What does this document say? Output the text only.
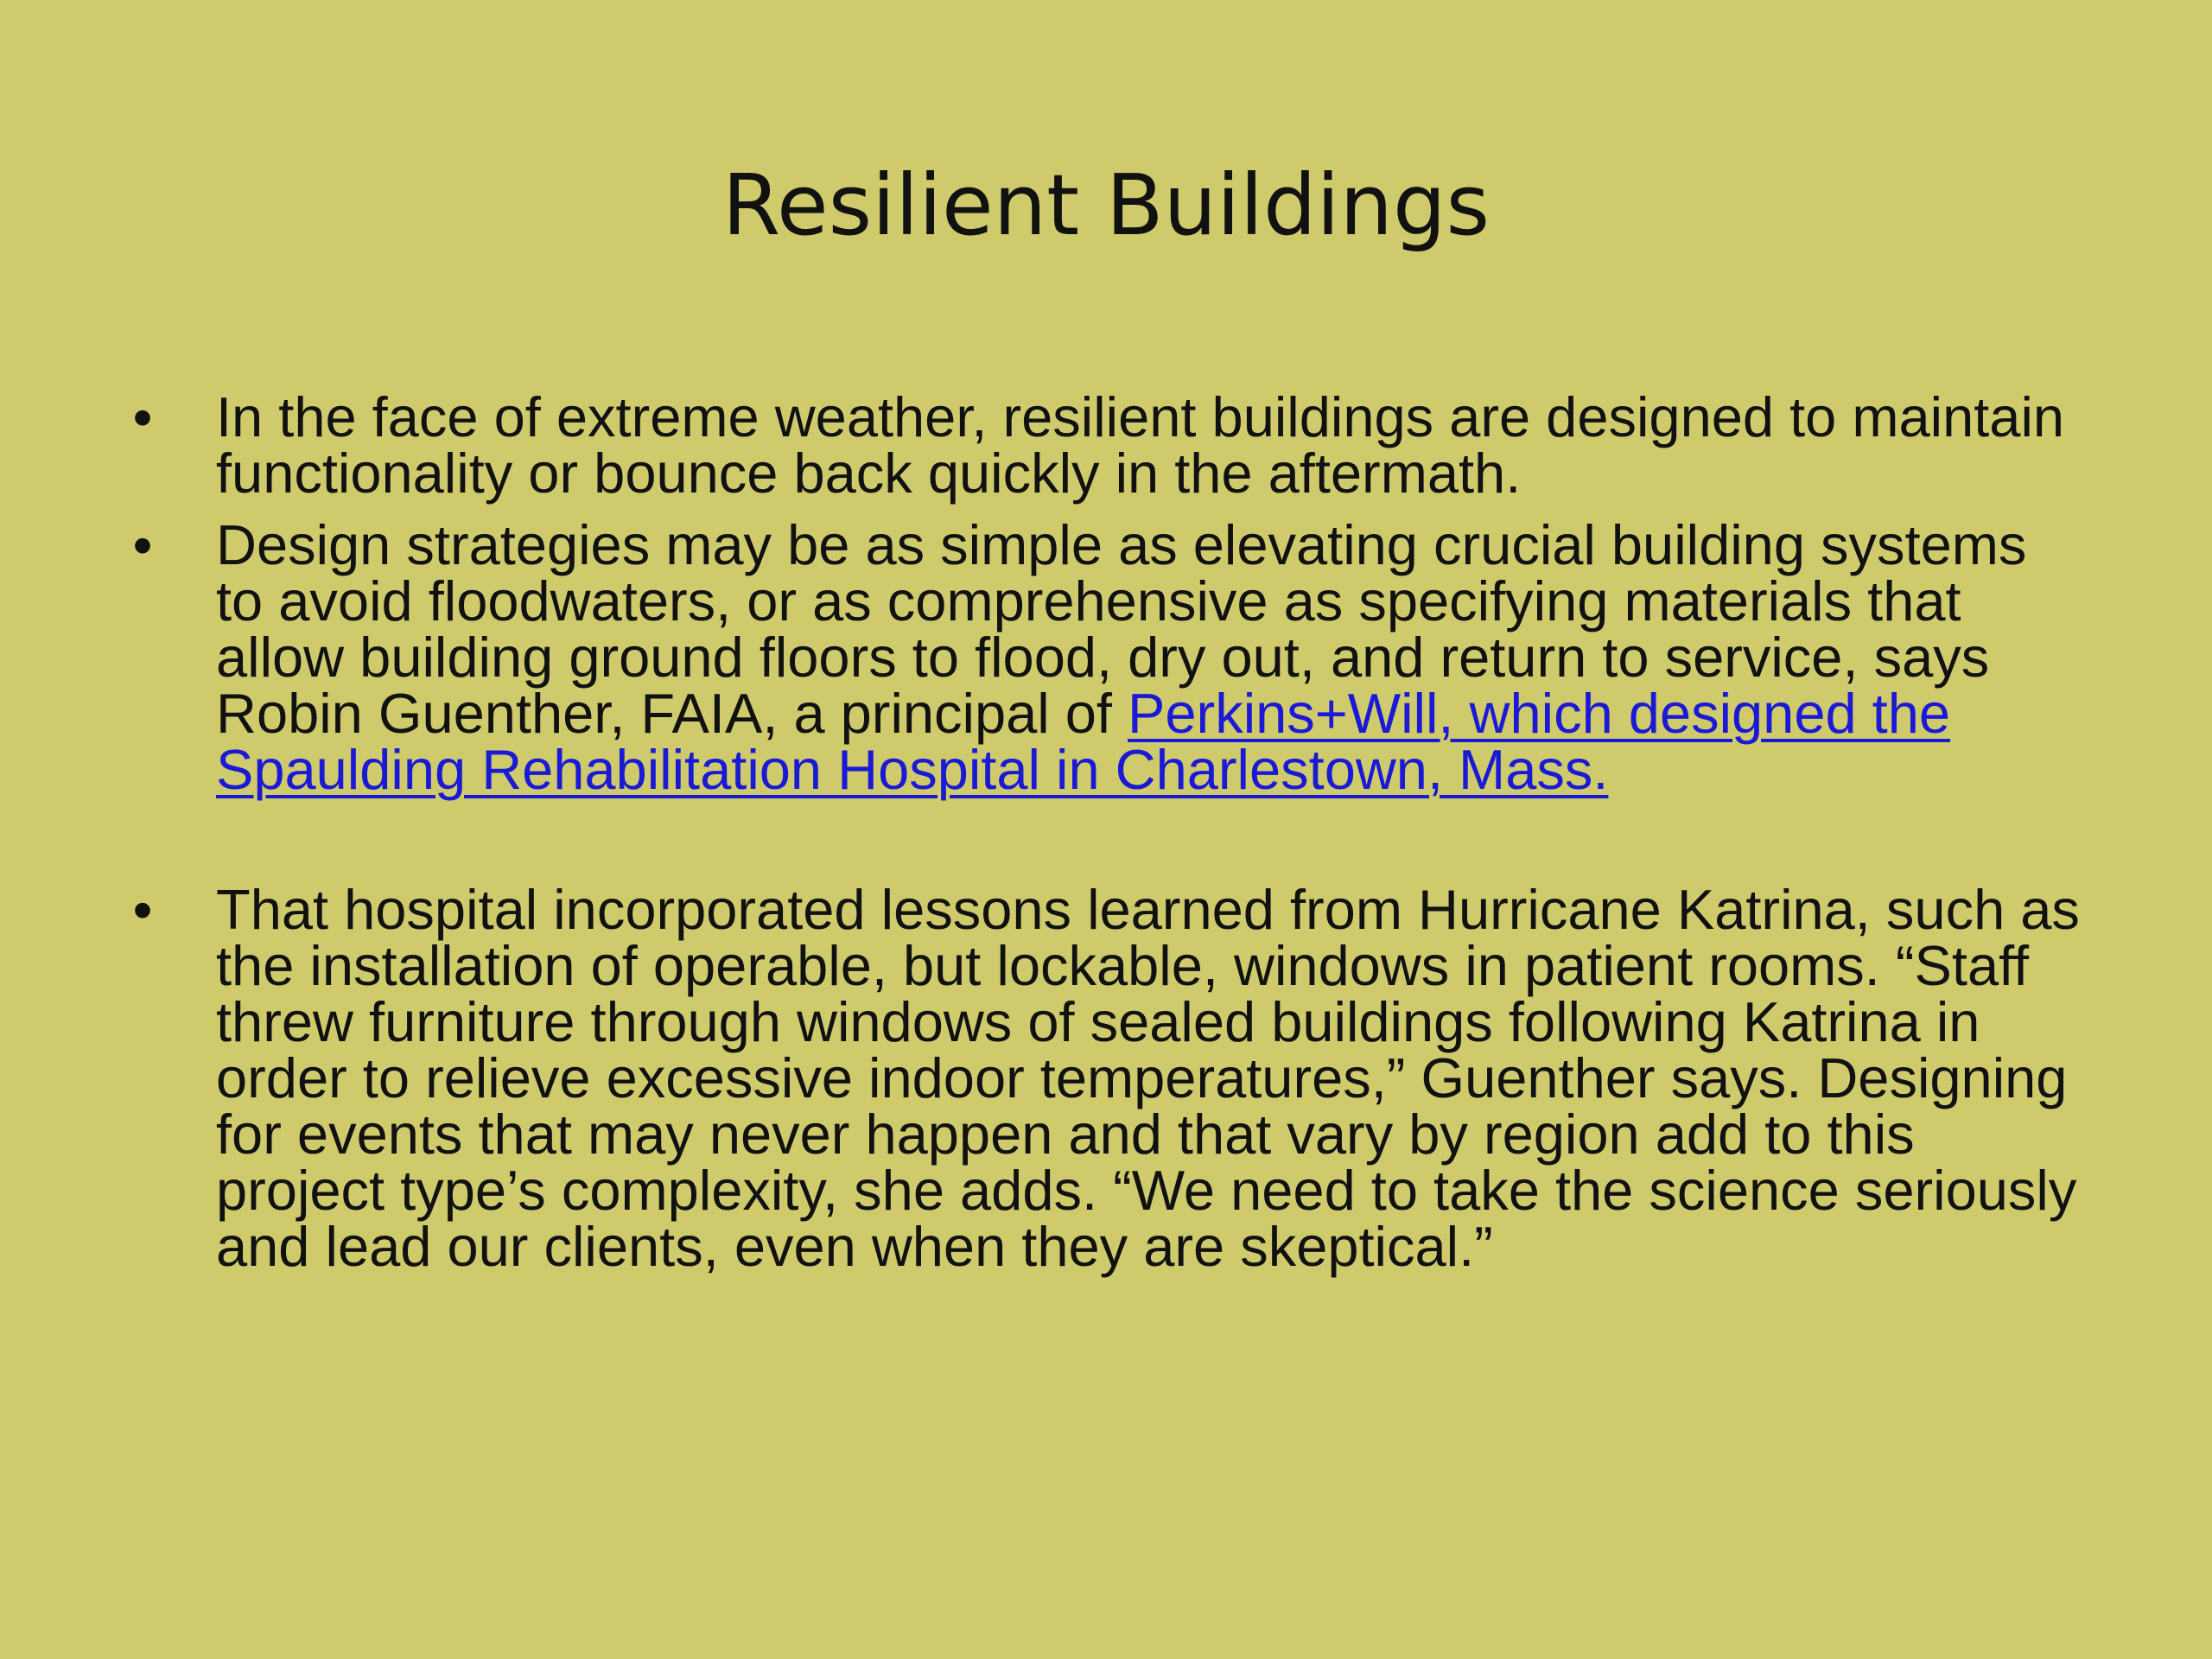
Resilient Buildings
• In the face of extreme weather, resilient buildings are designed to maintain functionality or bounce back quickly in the aftermath.
• Design strategies may be as simple as elevating crucial building systems to avoid floodwaters, or as comprehensive as specifying materials that allow building ground floors to flood, dry out, and return to service, says Robin Guenther, FAIA, a principal of Perkins+Will, which designed the Spaulding Rehabilitation Hospital in Charlestown, Mass.
• That hospital incorporated lessons learned from Hurricane Katrina, such as the installation of operable, but lockable, windows in patient rooms. “Staff threw furniture through windows of sealed buildings following Katrina in order to relieve excessive indoor temperatures,” Guenther says. Designing for events that may never happen and that vary by region add to this project type’s complexity, she adds. “We need to take the science seriously and lead our clients, even when they are skeptical.”
